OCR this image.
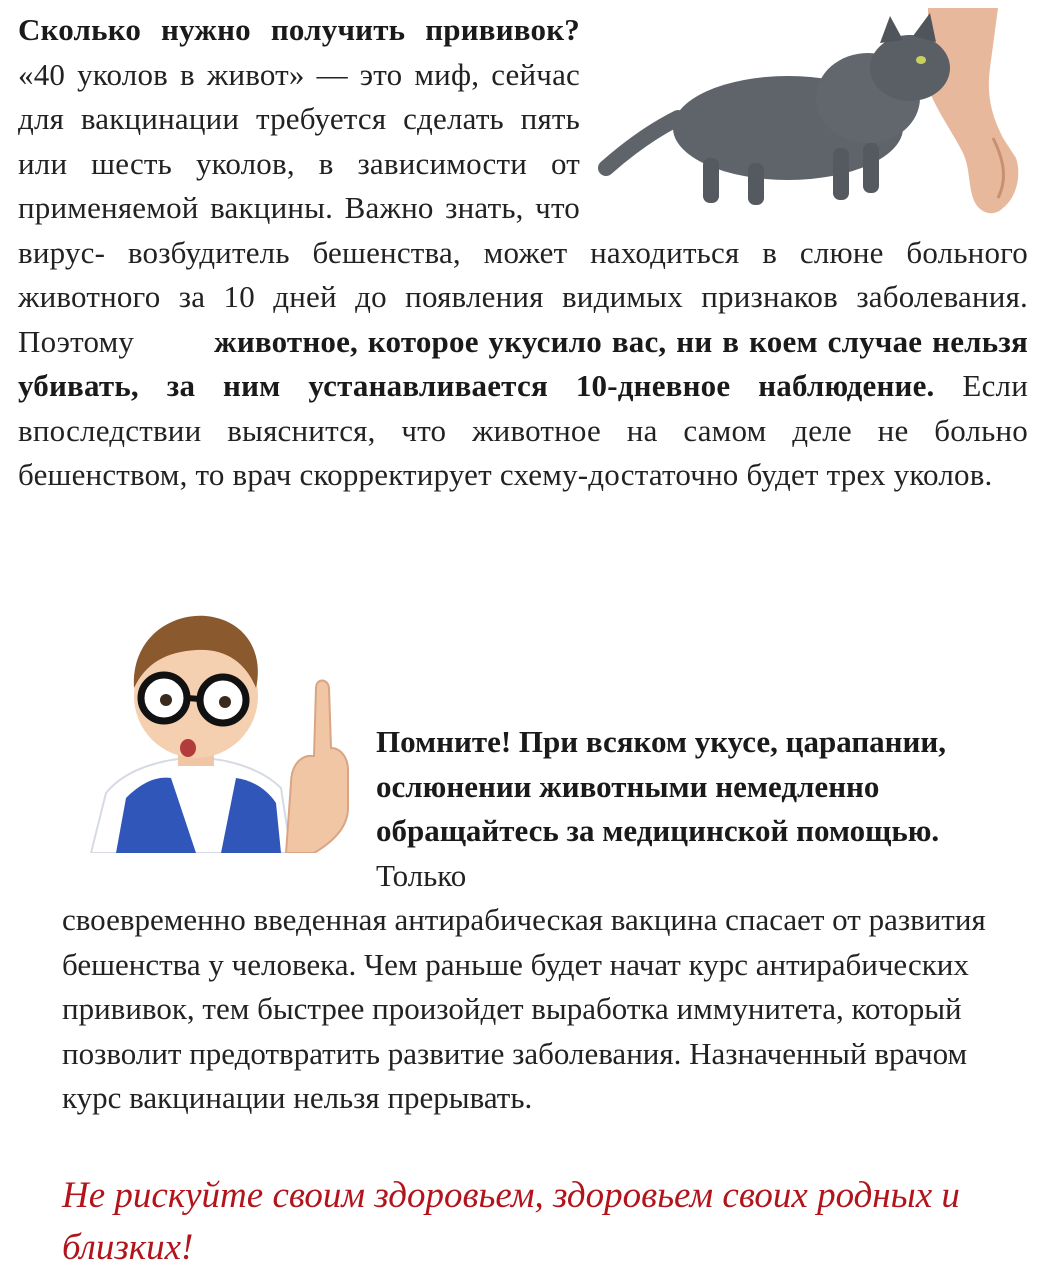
Сколько нужно получить прививок? «40 уколов в живот» — это миф, сейчас для вакцинации требуется сделать пять или шесть уколов, в зависимости от применяемой вакцины. Важно знать, что вирус- возбудитель бешенства, может находиться в слюне больного животного за 10 дней до появления видимых признаков заболевания. Поэтому	животное, которое укусило вас, ни в коем случае нельзя убивать, за ним устанавливается 10-дневное наблюдение. Если впоследствии выяснится, что животное на самом деле не больно бешенством, то врач скорректирует схему-достаточно будет трех уколов.
Помните! При всяком укусе, царапании, ослюнении животными немедленно обращайтесь за медицинской помощью. Только
своевременно введенная антирабическая вакцина спасает от развития бешенства у человека. Чем раньше будет начат курс антирабических прививок, тем быстрее произойдет выработка иммунитета, который позволит предотвратить развитие заболевания. Назначенный врачом курс вакцинации нельзя прерывать.
Не рискуйте своим здоровьем, здоровьем своих родных и близких!
